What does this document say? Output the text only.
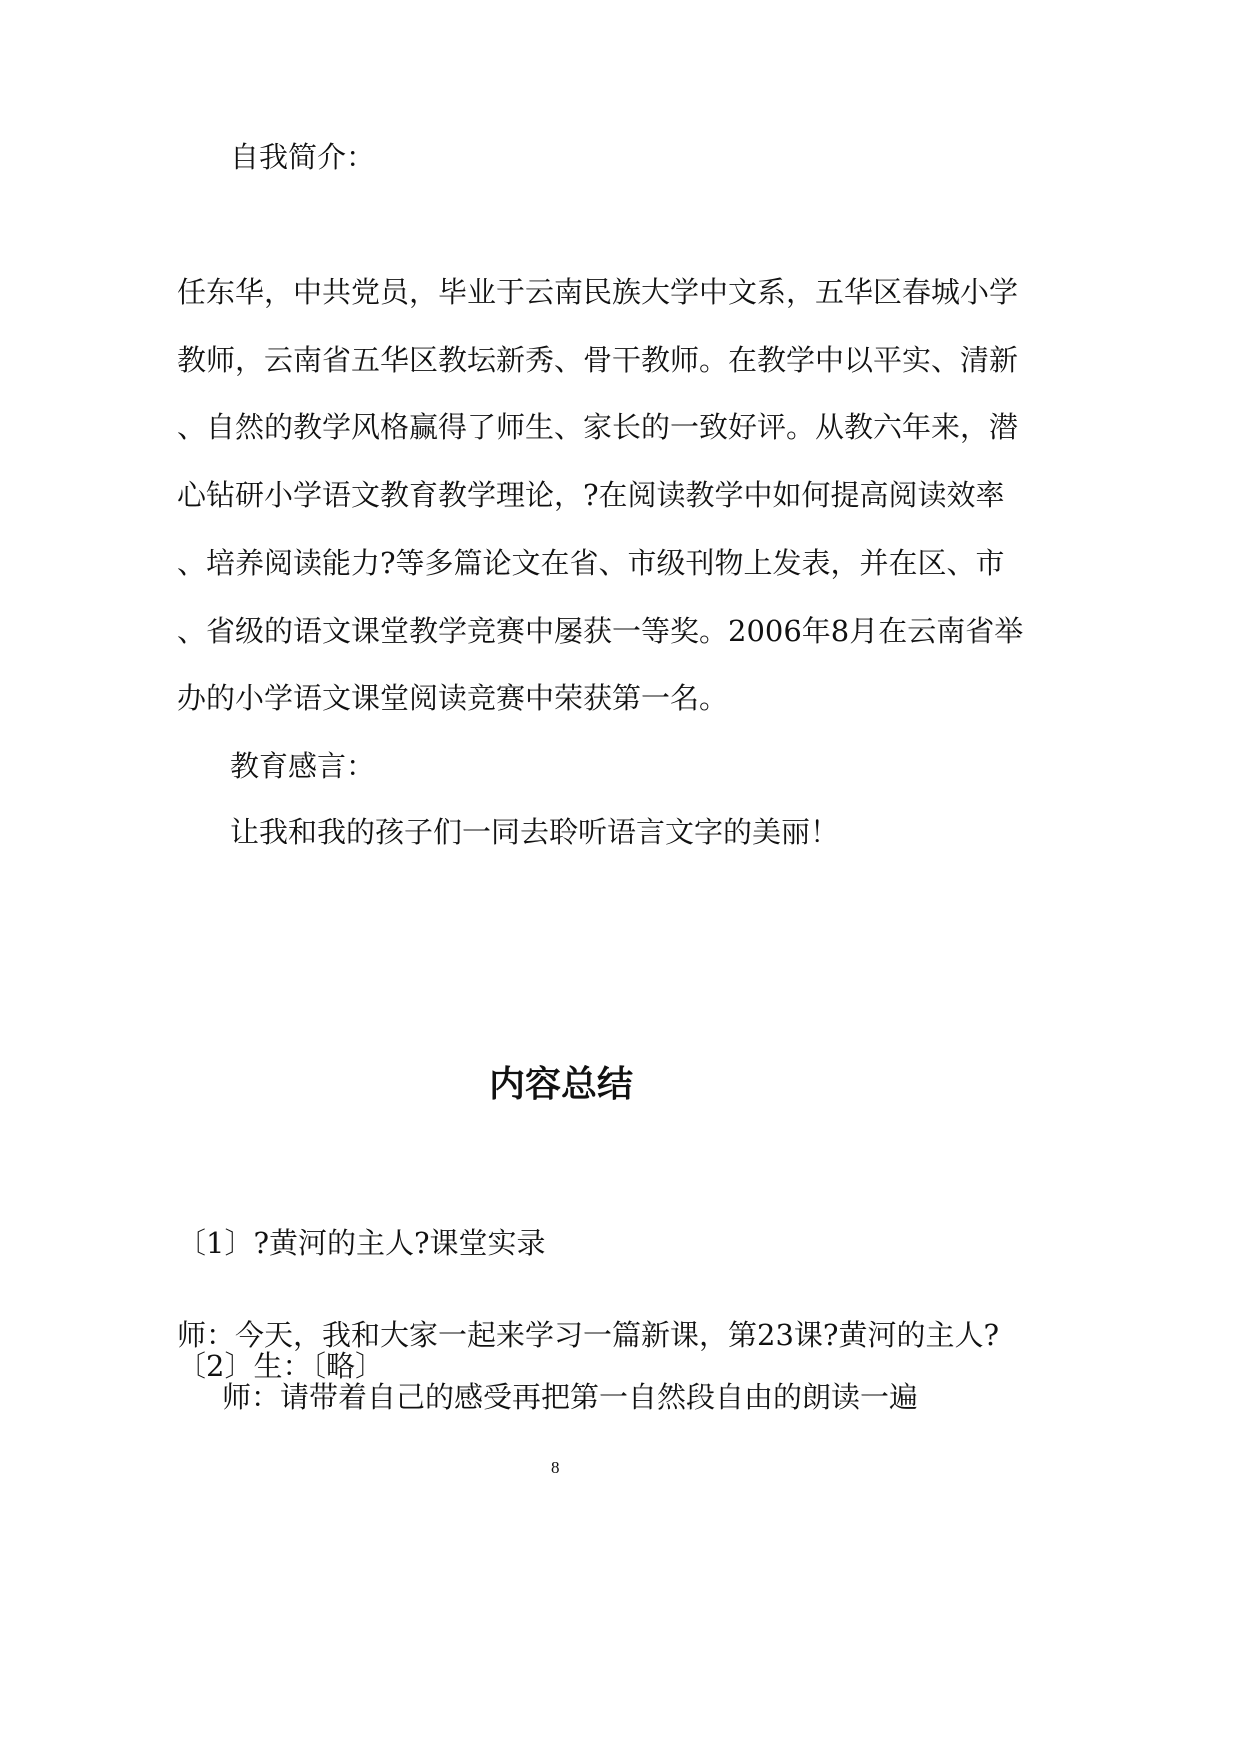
自我简介：
任东华，中共党员，毕业于云南民族大学中文系，五华区春城小学
教师，云南省五华区教坛新秀、骨干教师。在教学中以平实、清新
、自然的教学风格赢得了师生、家长的一致好评。从教六年来，潜
心钻研小学语文教育教学理论，?在阅读教学中如何提高阅读效率
、培养阅读能力?等多篇论文在省、市级刊物上发表，并在区、市
、省级的语文课堂教学竞赛中屡获一等奖。2006年8月在云南省举
办的小学语文课堂阅读竞赛中荣获第一名。
教育感言：
让我和我的孩子们一同去聆听语言文字的美丽！
内容总结
〔1〕?黄河的主人?课堂实录
师：今天，我和大家一起来学习一篇新课，第23课?黄河的主人?
〔2〕生：〔略〕
师：请带着自己的感受再把第一自然段自由的朗读一遍
8
